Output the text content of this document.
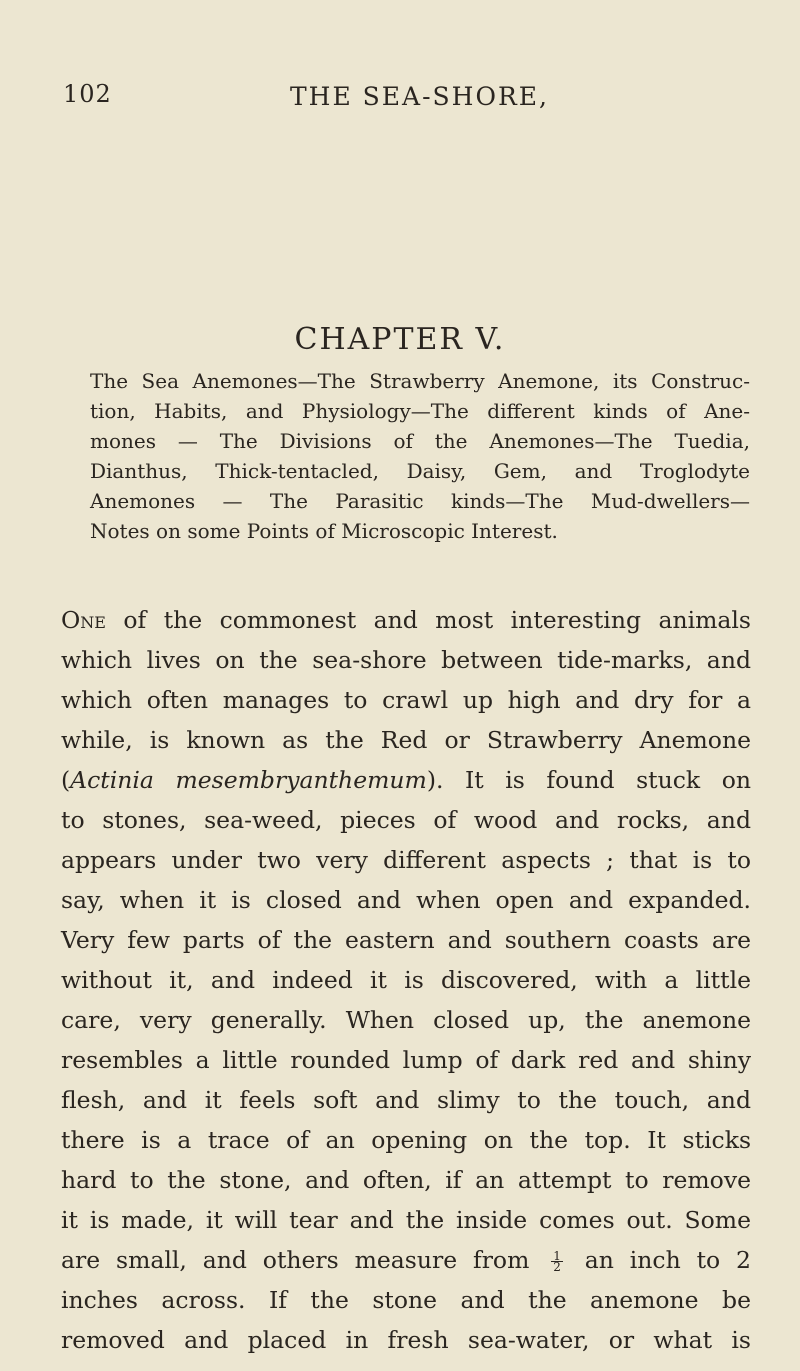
102	THE SEA-SHORE,
CHAPTER V.
The Sea Anemones—The Strawberry Anemone, its Construc-
tion, Habits, and Physiology—The different kinds of Ane-
mones — The Divisions of the Anemones—The Tuedia,
Dianthus, Thick-tentacled, Daisy, Gem, and Troglodyte
Anemones — The Parasitic kinds—The Mud-dwellers—
Notes on some Points of Microscopic Interest.
One of the commonest and most interesting animals
which lives on the sea-shore between tide-marks, and
which often manages to crawl up high and dry for a
while, is known as the Red or Strawberry Anemone
(Actinia mesembryanthemum). It is found stuck on
to stones, sea-weed, pieces of wood and rocks, and
appears under two very different aspects ; that is to
say, when it is closed and when open and expanded.
Very few parts of the eastern and southern coasts are
without it, and indeed it is discovered, with a little
care, very generally. When closed up, the anemone
resembles a little rounded lump of dark red and shiny
flesh, and it feels soft and slimy to the touch, and
there is a trace of an opening on the top. It sticks
hard to the stone, and often, if an attempt to remove
it is made, it will tear and the inside comes out. Some
are small, and others measure from $\frac{1}{2}$ an inch to 2
inches across. If the stone and the anemone be
removed and placed in fresh sea-water, or what is
